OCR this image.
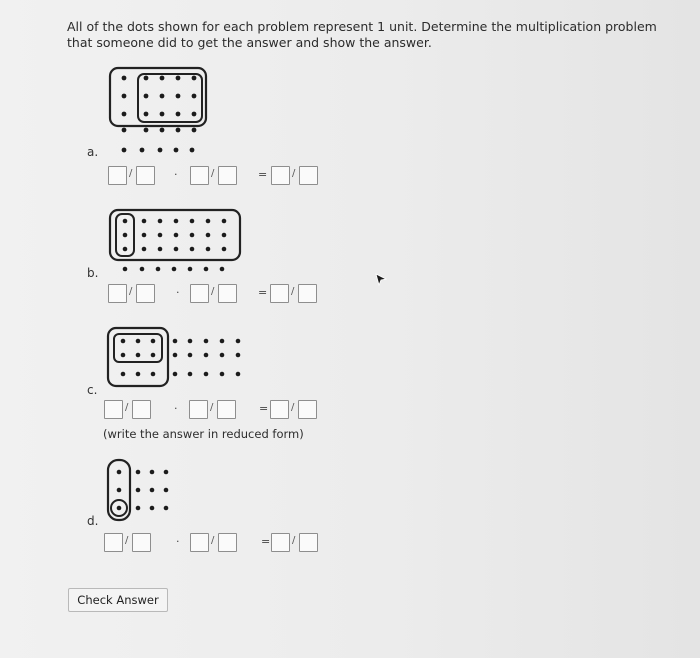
All of the dots shown for each problem represent 1 unit. Determine the multiplication problem that someone did to get the answer and show the answer.
a.
/	·	/	= /
b.
/	·	/	= /
c.
/	·	/	= /
(write the answer in reduced form)
d.
/	·	/	= /
Check Answer
